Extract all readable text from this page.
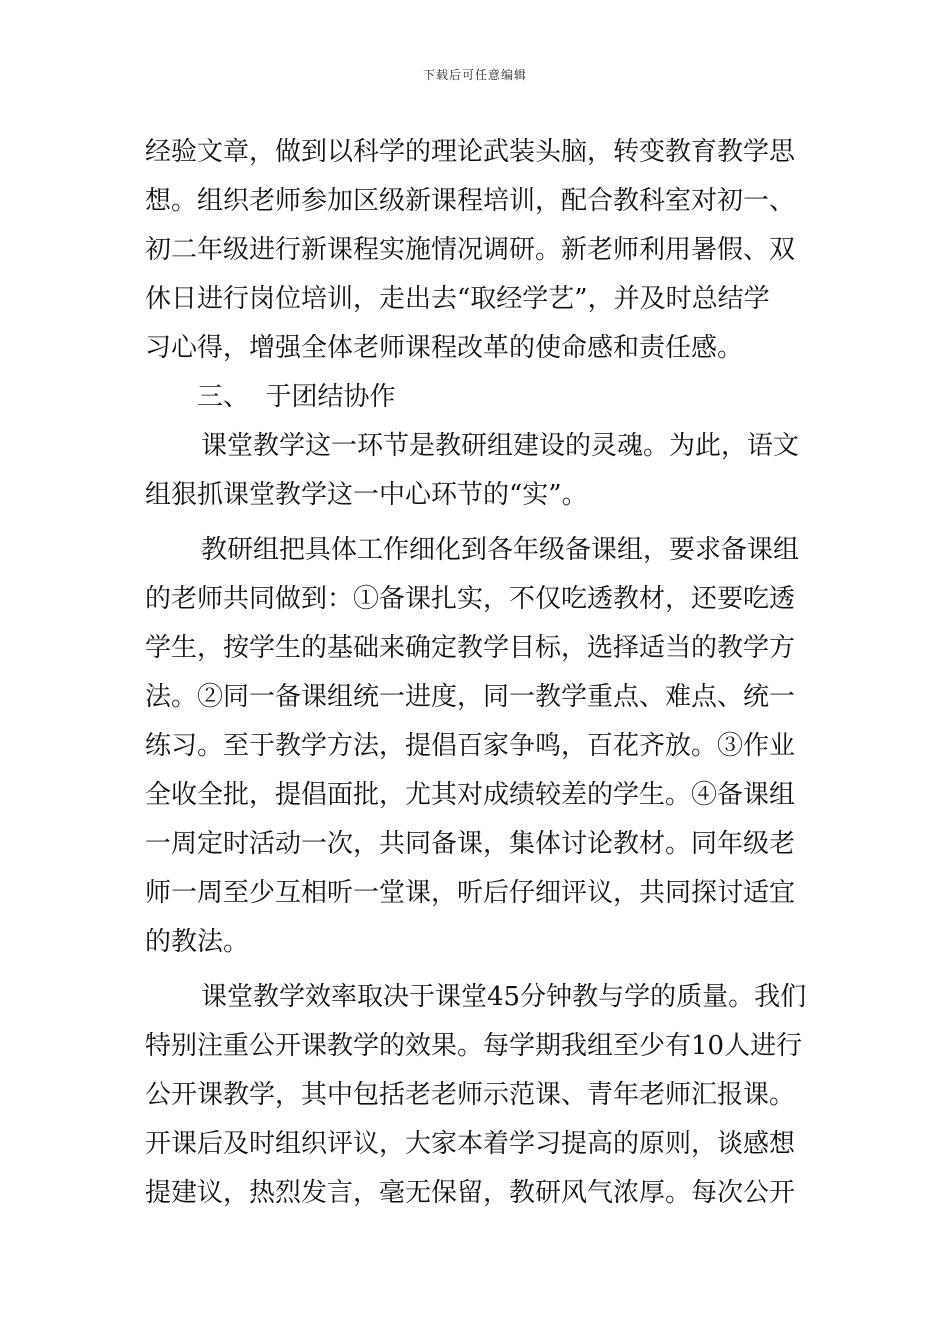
下载后可任意编辑
经验文章，做到以科学的理论武装头脑，转变教育教学思
想。组织老师参加区级新课程培训，配合教科室对初一、
初二年级进行新课程实施情况调研。新老师利用暑假、双
休日进行岗位培训，走出去“取经学艺”，并及时总结学
习心得，增强全体老师课程改革的使命感和责任感。
三、  于团结协作
课堂教学这一环节是教研组建设的灵魂。为此，语文
组狠抓课堂教学这一中心环节的“实”。
教研组把具体工作细化到各年级备课组，要求备课组
的老师共同做到：①备课扎实，不仅吃透教材，还要吃透
学生，按学生的基础来确定教学目标，选择适当的教学方
法。②同一备课组统一进度，同一教学重点、难点、统一
练习。至于教学方法，提倡百家争鸣，百花齐放。③作业
全收全批，提倡面批，尤其对成绩较差的学生。④备课组
一周定时活动一次，共同备课，集体讨论教材。同年级老
师一周至少互相听一堂课，听后仔细评议，共同探讨适宜
的教法。
课堂教学效率取决于课堂45分钟教与学的质量。我们
特别注重公开课教学的效果。每学期我组至少有10人进行
公开课教学，其中包括老老师示范课、青年老师汇报课。
开课后及时组织评议，大家本着学习提高的原则，谈感想
提建议，热烈发言，毫无保留，教研风气浓厚。每次公开
